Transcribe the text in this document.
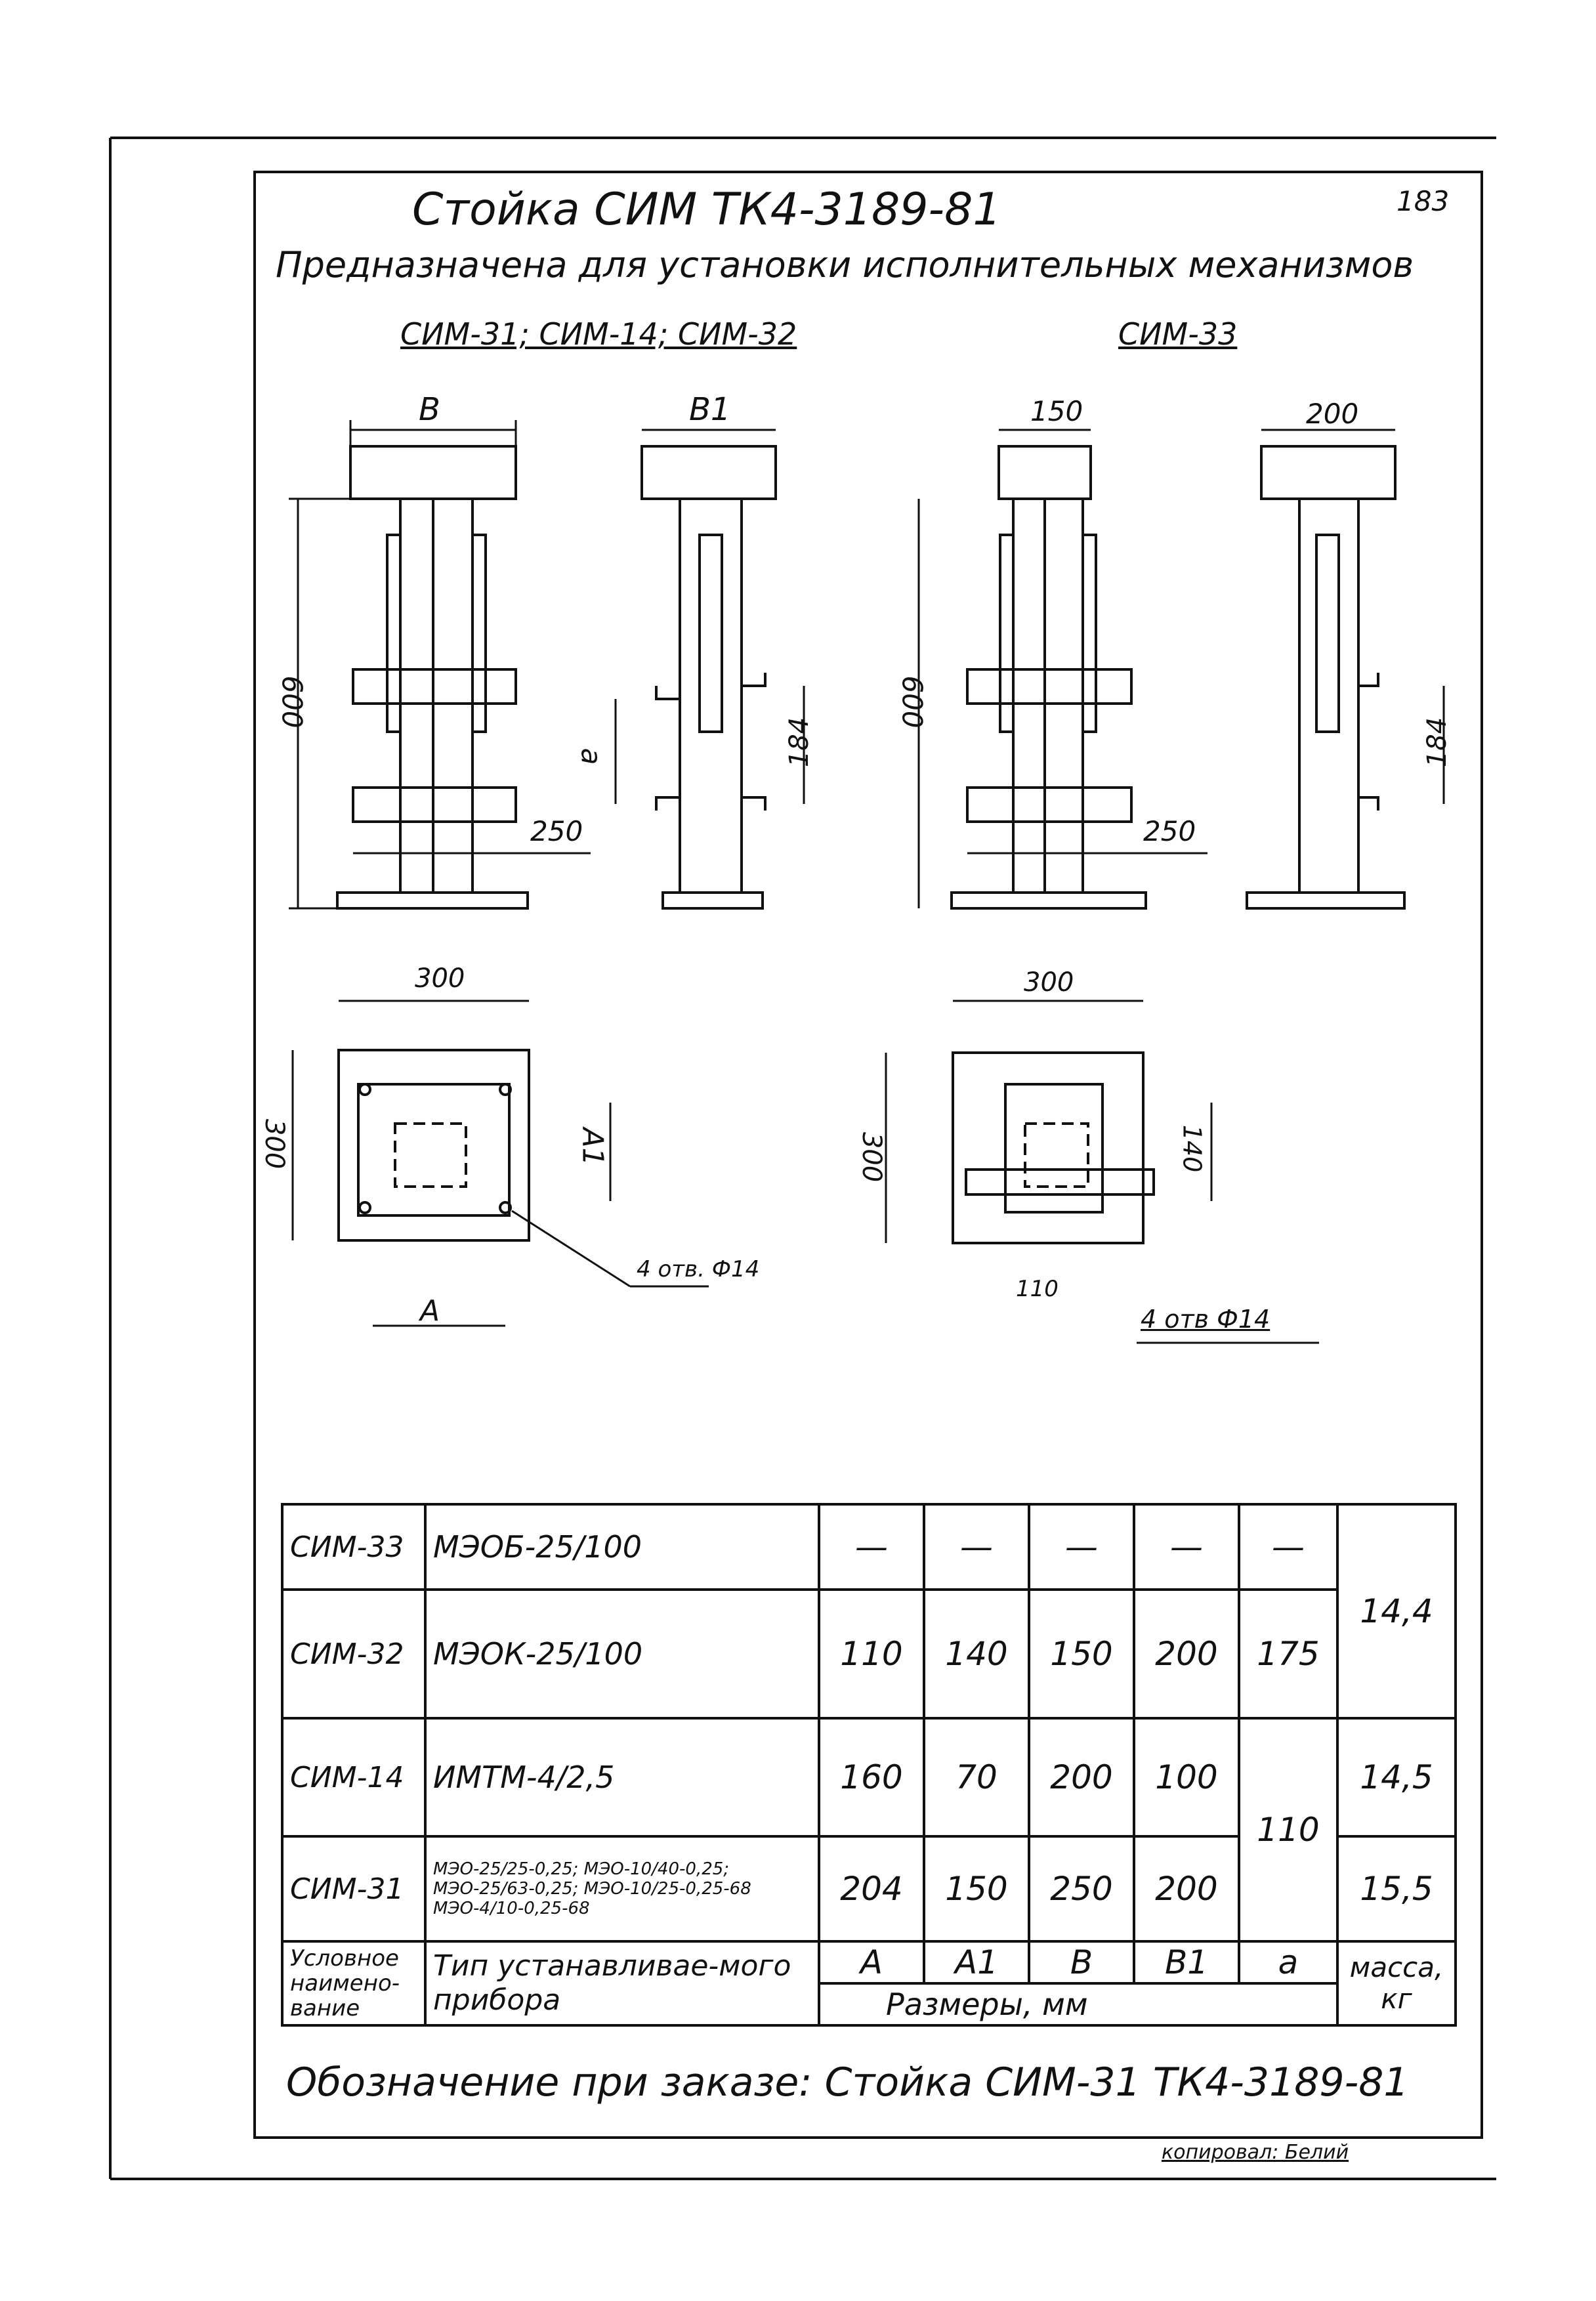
183
Стойка СИМ ТК4-3189-81
Предназначена для установки исполнительных механизмов
СИМ-31; СИМ-14; СИМ-32	СИМ-33
В	В1	150	200
600	600
а	184	184
250	250
300
300	А1
А
4 отв. Ф14
300
300	140
110
4 отв Ф14
СИМ-33	МЭОБ-25/100	—	—	—	—	—	14,4
СИМ-32	МЭОК-25/100	110	140	150	200	175	
СИМ-14	ИМТМ-4/2,5	160	70	200	100	110	14,5
СИМ-31	МЭО-25/25-0,25; МЭО-10/40-0,25;
МЭО-25/63-0,25; МЭО-10/25-0,25-68
МЭО-4/10-0,25-68	204	150	250	200		15,5
Условное наимено-вание	Тип устанавливае-мого прибора	А	А1	В	В1	а	масса, кг
		Размеры, мм					
Обозначение при заказе: Стойка СИМ-31 ТК4-3189-81
копировал: Белий
